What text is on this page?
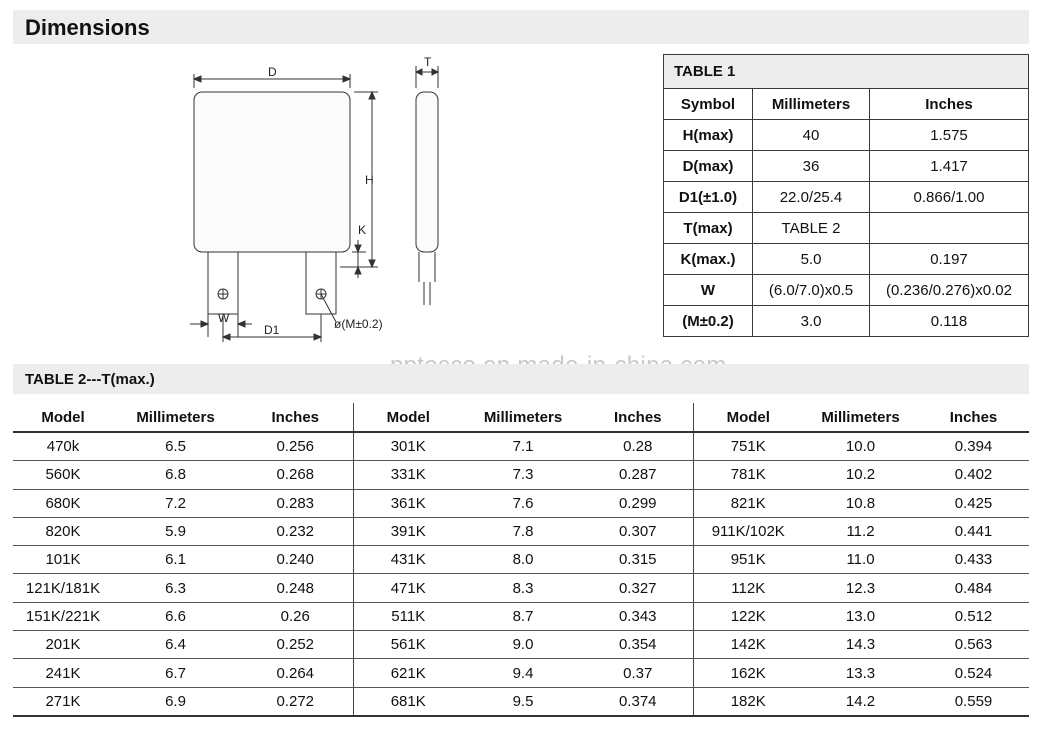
Dimensions
D
H
K
T
W
D1	ø(M±0.2)
TABLE 1		
Symbol	Millimeters	Inches
H(max)	40	1.575
D(max)	36	1.417
D1(±1.0)	22.0/25.4	0.866/1.00
T(max)	TABLE 2	
K(max.)	5.0	0.197
W	(6.0/7.0)x0.5	(0.236/0.276)x0.02
(M±0.2)	3.0	0.118
TABLE 2---T(max.)
Model	Millimeters	Inches	Model	Millimeters	Inches	Model	Millimeters	Inches
470k	6.5	0.256	301K	7.1	0.28	751K	10.0	0.394
560K	6.8	0.268	331K	7.3	0.287	781K	10.2	0.402
680K	7.2	0.283	361K	7.6	0.299	821K	10.8	0.425
820K	5.9	0.232	391K	7.8	0.307	911K/102K	11.2	0.441
101K	6.1	0.240	431K	8.0	0.315	951K	11.0	0.433
121K/181K	6.3	0.248	471K	8.3	0.327	112K	12.3	0.484
151K/221K	6.6	0.26	511K	8.7	0.343	122K	13.0	0.512
201K	6.4	0.252	561K	9.0	0.354	142K	14.3	0.563
241K	6.7	0.264	621K	9.4	0.37	162K	13.3	0.524
271K	6.9	0.272	681K	9.5	0.374	182K	14.2	0.559
